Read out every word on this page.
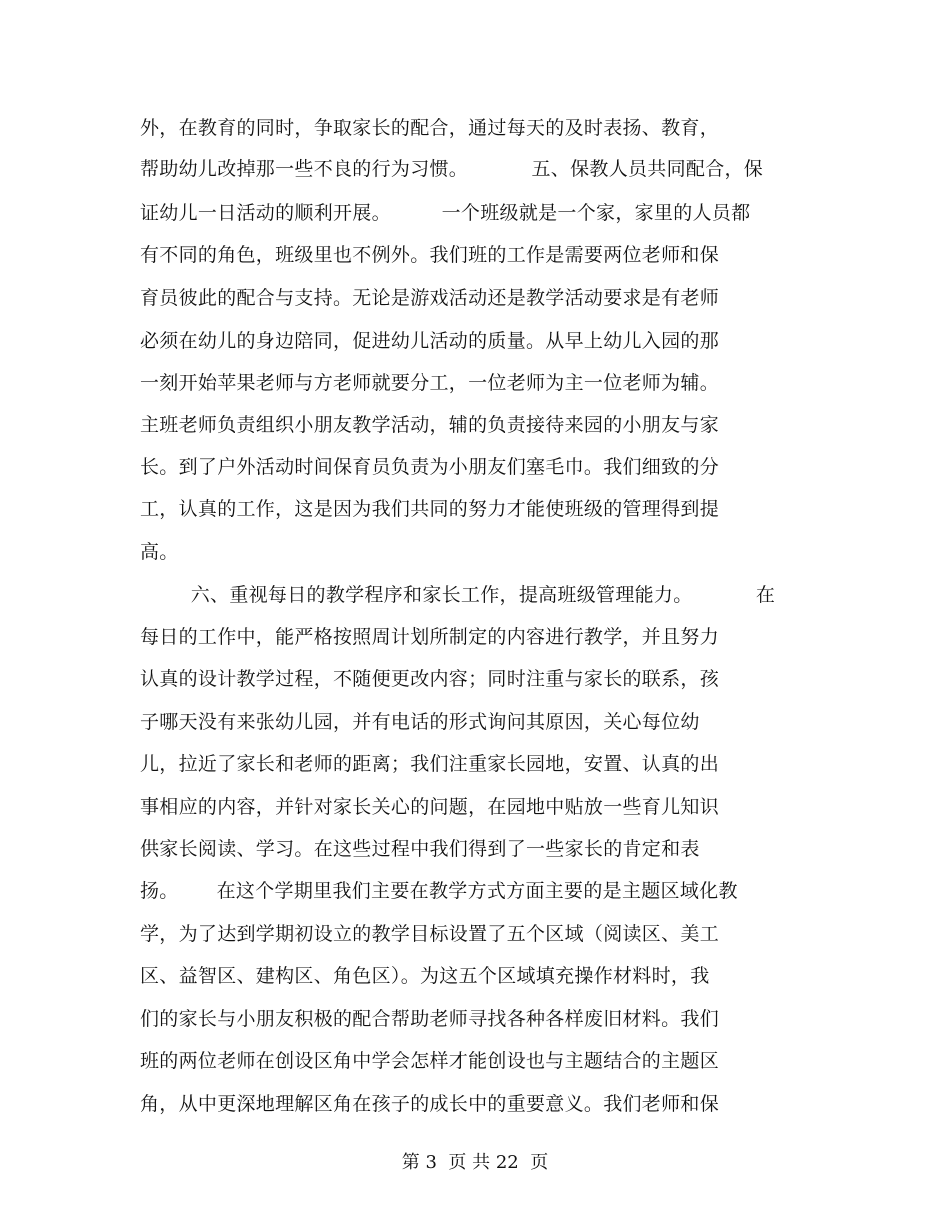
外，在教育的同时，争取家长的配合，通过每天的及时表扬、教育，
帮助幼儿改掉那一些不良的行为习惯。          五、保教人员共同配合，保
证幼儿一日活动的顺利开展。        一个班级就是一个家，家里的人员都
有不同的角色，班级里也不例外。我们班的工作是需要两位老师和保
育员彼此的配合与支持。无论是游戏活动还是教学活动要求是有老师
必须在幼儿的身边陪同，促进幼儿活动的质量。从早上幼儿入园的那
一刻开始苹果老师与方老师就要分工，一位老师为主一位老师为辅。
主班老师负责组织小朋友教学活动，辅的负责接待来园的小朋友与家
长。到了户外活动时间保育员负责为小朋友们塞毛巾。我们细致的分
工，认真的工作，这是因为我们共同的努力才能使班级的管理得到提
高。
六、重视每日的教学程序和家长工作，提高班级管理能力。          在
每日的工作中，能严格按照周计划所制定的内容进行教学，并且努力
认真的设计教学过程，不随便更改内容；同时注重与家长的联系，孩
子哪天没有来张幼儿园，并有电话的形式询问其原因，关心每位幼
儿，拉近了家长和老师的距离；我们注重家长园地，安置、认真的出
事相应的内容，并针对家长关心的问题，在园地中贴放一些育儿知识
供家长阅读、学习。在这些过程中我们得到了一些家长的肯定和表
扬。      在这个学期里我们主要在教学方式方面主要的是主题区域化教
学，为了达到学期初设立的教学目标设置了五个区域（阅读区、美工
区、益智区、建构区、角色区）。为这五个区域填充操作材料时，我
们的家长与小朋友积极的配合帮助老师寻找各种各样废旧材料。我们
班的两位老师在创设区角中学会怎样才能创设也与主题结合的主题区
角，从中更深地理解区角在孩子的成长中的重要意义。我们老师和保
第 3  页 共 22  页
